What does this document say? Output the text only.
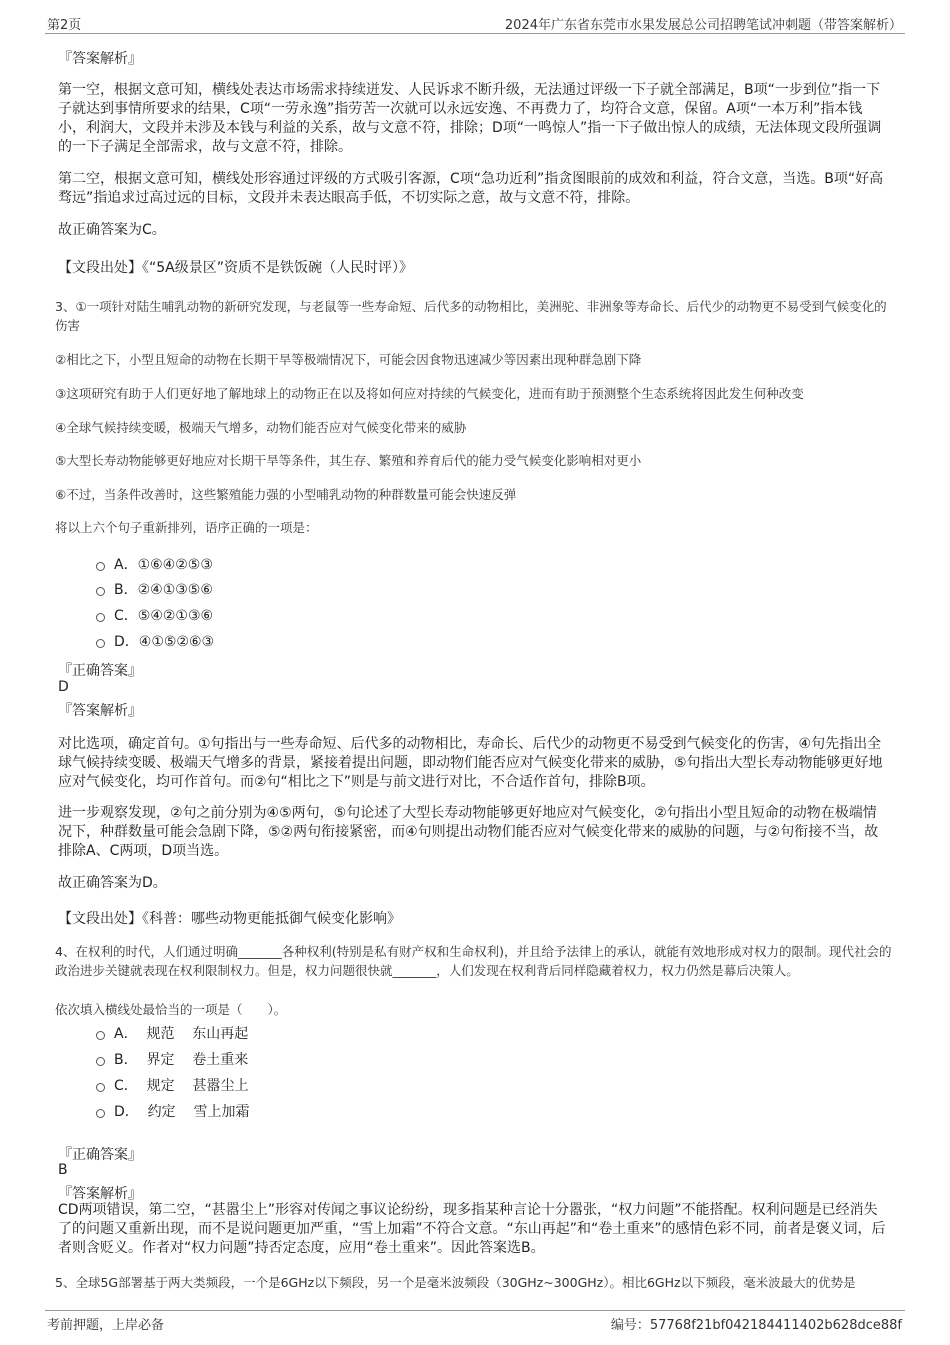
第2页	2024年广东省东莞市水果发展总公司招聘笔试冲刺题（带答案解析）
『答案解析』
第一空，根据文意可知，横线处表达市场需求持续迸发、人民诉求不断升级，无法通过评级一下子就全部满足，B项“一步到位”指一下子就达到事情所要求的结果，C项“一劳永逸”指劳苦一次就可以永远安逸、不再费力了，均符合文意，保留。A项“一本万利”指本钱小，利润大，文段并未涉及本钱与利益的关系，故与文意不符，排除；D项“一鸣惊人”指一下子做出惊人的成绩，无法体现文段所强调的一下子满足全部需求，故与文意不符，排除。
第二空，根据文意可知，横线处形容通过评级的方式吸引客源，C项“急功近利”指贪图眼前的成效和利益，符合文意，当选。B项“好高骛远”指追求过高过远的目标，文段并未表达眼高手低，不切实际之意，故与文意不符，排除。
故正确答案为C。
【文段出处】《“5A级景区”资质不是铁饭碗（人民时评）》
3、①一项针对陆生哺乳动物的新研究发现，与老鼠等一些寿命短、后代多的动物相比，美洲驼、非洲象等寿命长、后代少的动物更不易受到气候变化的伤害
②相比之下，小型且短命的动物在长期干旱等极端情况下，可能会因食物迅速减少等因素出现种群急剧下降
③这项研究有助于人们更好地了解地球上的动物正在以及将如何应对持续的气候变化，进而有助于预测整个生态系统将因此发生何种改变
④全球气候持续变暖，极端天气增多，动物们能否应对气候变化带来的威胁
⑤大型长寿动物能够更好地应对长期干旱等条件，其生存、繁殖和养育后代的能力受气候变化影响相对更小
⑥不过，当条件改善时，这些繁殖能力强的小型哺乳动物的种群数量可能会快速反弹
将以上六个句子重新排列，语序正确的一项是：
A．①⑥④②⑤③
B．②④①③⑤⑥
C．⑤④②①③⑥
D．④①⑤②⑥③
『正确答案』
D
『答案解析』
对比选项，确定首句。①句指出与一些寿命短、后代多的动物相比，寿命长、后代少的动物更不易受到气候变化的伤害，④句先指出全球气候持续变暖、极端天气增多的背景，紧接着提出问题，即动物们能否应对气候变化带来的威胁，⑤句指出大型长寿动物能够更好地应对气候变化，均可作首句。而②句“相比之下”则是与前文进行对比，不合适作首句，排除B项。
进一步观察发现，②句之前分别为④⑤两句，⑤句论述了大型长寿动物能够更好地应对气候变化，②句指出小型且短命的动物在极端情况下，种群数量可能会急剧下降，⑤②两句衔接紧密，而④句则提出动物们能否应对气候变化带来的威胁的问题，与②句衔接不当，故排除A、C两项，D项当选。
故正确答案为D。
【文段出处】《科普：哪些动物更能抵御气候变化影响》
4、在权利的时代，人们通过明确_______各种权利(特别是私有财产权和生命权利)，并且给予法律上的承认，就能有效地形成对权力的限制。现代社会的政治进步关键就表现在权利限制权力。但是，权力问题很快就_______，人们发现在权利背后同样隐藏着权力，权力仍然是幕后决策人。
依次填入横线处最恰当的一项是（　　）。
A．  规范    东山再起
B．  界定    卷土重来
C．  规定    甚嚣尘上
D．  约定    雪上加霜
『正确答案』
B
『答案解析』
CD两项错误，第二空，“甚嚣尘上”形容对传闻之事议论纷纷，现多指某种言论十分嚣张，“权力问题”不能搭配。权利问题是已经消失了的问题又重新出现，而不是说问题更加严重，“雪上加霜”不符合文意。“东山再起”和“卷土重来”的感情色彩不同，前者是褒义词，后者则含贬义。作者对“权力问题”持否定态度，应用“卷土重来”。因此答案选B。
5、全球5G部署基于两大类频段，一个是6GHz以下频段，另一个是毫米波频段（30GHz~300GHz）。相比6GHz以下频段，毫米波最大的优势是
考前押题，上岸必备	编号：57768f21bf042184411402b628dce88f
